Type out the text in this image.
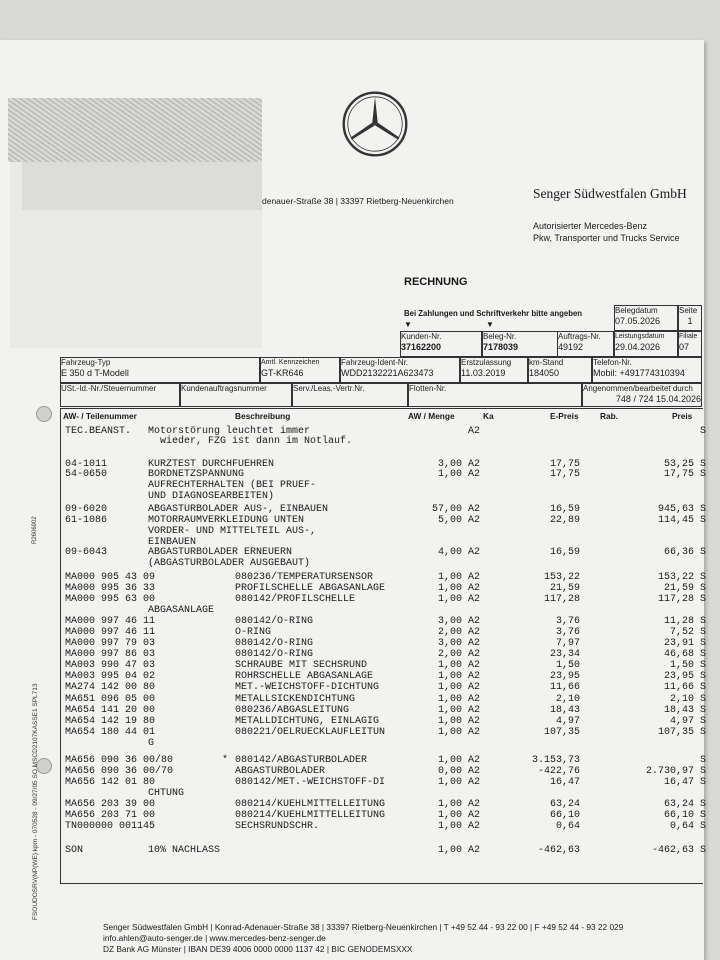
denauer-Straße 38 | 33397 Rietberg-Neuenkirchen	Senger Südwestfalen GmbH
Autorisierter Mercedes-Benz
Pkw, Transporter und Trucks Service
RECHNUNG
Bei Zahlungen und Schriftverkehr bitte angeben
▼	▼
Kunden-Nr.
37162200
Beleg-Nr.
7178039
Auftrags-Nr.
49192
Belegdatum
07.05.2026
Seite
1
Leistungsdatum
29.04.2026
Filiale
07
Fahrzeug-Typ
E 350 d T-Modell
Amtl. Kennzeichen
GT-KR646
Fahrzeug-Ident-Nr.
WDD2132221A623473
Erstzulassung
11.03.2019
km-Stand
184050
Telefon-Nr.
Mobil: +491774310394
USt.-Id.-Nr./Steuernummer	Kundenauftragsnummer	Serv./Leas.-Vertr.Nr.	Flotten-Nr.	Angenommen/bearbeitet durch
748 / 724 15.04.2026
AW- / Teilenummer	Beschreibung	AW / Menge	Ka	E-Preis	Rab.	Preis
TEC.BEANST. Motorstörung leuchtet immer	A2	S
wieder, FZG ist dann im Notlauf.
04-1011	KURZTEST DURCHFUEHREN	3,00 A2	17,75	53,25 S
54-0650	BORDNETZSPANNUNG	1,00 A2	17,75	17,75 S
AUFRECHTERHALTEN (BEI PRUEF-
UND DIAGNOSEARBEITEN)
09-6020	ABGASTURBOLADER AUS-, EINBAUEN	57,00 A2	16,59	945,63 S
61-1086	MOTORRAUMVERKLEIDUNG UNTEN	5,00 A2	22,89	114,45 S
VORDER- UND MITTELTEIL AUS-,
EINBAUEN
09-6043	ABGASTURBOLADER ERNEUERN	4,00 A2	16,59	66,36 S
(ABGASTURBOLADER AUSGEBAUT)
MA000 905 43 09	080236/TEMPERATURSENSOR	1,00 A2	153,22	153,22 S
MA000 995 36 33	PROFILSCHELLE ABGASANLAGE	1,00 A2	21,59	21,59 S
MA000 995 63 00	080142/PROFILSCHELLE	1,00 A2	117,28	117,28 S
ABGASANLAGE
MA000 997 46 11	080142/O-RING	3,00 A2	3,76	11,28 S
MA000 997 46 11	O-RING	2,00 A2	3,76	7,52 S
MA000 997 79 03	080142/O-RING	3,00 A2	7,97	23,91 S
MA000 997 86 03	080142/O-RING	2,00 A2	23,34	46,68 S
MA003 990 47 03	SCHRAUBE MIT SECHSRUND	1,00 A2	1,50	1,50 S
MA003 995 04 02	ROHRSCHELLE ABGASANLAGE	1,00 A2	23,95	23,95 S
MA274 142 00 80	MET.-WEICHSTOFF-DICHTUNG	1,00 A2	11,66	11,66 S
MA651 096 05 00	METALLSICKENDICHTUNG	1,00 A2	2,10	2,10 S
MA654 141 20 00	080236/ABGASLEITUNG	1,00 A2	18,43	18,43 S
MA654 142 19 80	METALLDICHTUNG, EINLAGIG	1,00 A2	4,97	4,97 S
MA654 180 44 01	080221/OELRUECKLAUFLEITUN	1,00 A2	107,35	107,35 S
G
MA656 090 36 00/80	080142/ABGASTURBOLADER	1,00 A2	3.153,73	S
*
MA656 090 36 00/70	ABGASTURBOLADER	0,00 A2	-422,76	2.730,97 S
MA656 142 01 80	080142/MET.-WEICHSTOFF-DI	1,00 A2	16,47	16,47 S
CHTUNG
MA656 203 39 00	080214/KUEHLMITTELLEITUNG	1,00 A2	63,24	63,24 S
MA656 203 71 00	080214/KUEHLMITTELLEITUNG	1,00 A2	66,10	66,10 S
TN000000 001145	SECHSRUNDSCHR.	1,00 A2	0,64	0,64 S
SON	10% NACHLASS	1,00 A2	-462,63	-462,63 S
Senger Südwestfalen GmbH | Konrad-Adenauer-Straße 38 | 33397 Rietberg-Neuenkirchen | T +49 52 44 - 93 22 00 | F +49 52 44 - 93 22 029
info.ahlen@auto-senger.de | www.mercedes-benz-senger.de
DZ Bank AG Münster | IBAN DE39 4006 0000 0000 1137 42 | BIC GENODEMSXXX
FSOUDOSRV(NP(WE) kpm - 070528 - 09/27/05 SO MSCD2107KASSE1 SPL713
R2606902
